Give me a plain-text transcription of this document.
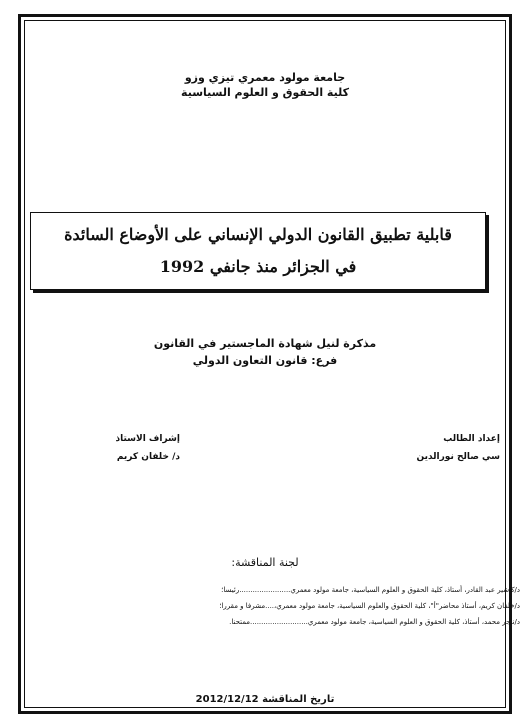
جامعة مولود معمري تيزي وزو
كلية الحقوق و العلوم السياسية
قابلية تطبيق القانون الدولي الإنساني على الأوضاع السائدة
في الجزائر منذ جانفي 1992
مذكرة لنيل شهادة الماجستير في القانون
فرع: قانون التعاون الدولي
إعداد الطالب
سي صالح نورالدين
إشراف الاستاذ
د/ خلفان كريم
لجنة المناقشة:
د/كاشير عبد القادر، أستاذ، كلية الحقوق و العلوم السياسية، جامعة مولود معمري.......................رئيسا؛
د/خلفان كريم، أستاذ محاضر"أ"، كلية الحقوق والعلوم السياسية، جامعة مولود معمري،....مشرفا و مقررا؛
د/ناجر محمد، أستاذ، كلية الحقوق و العلوم السياسية، جامعة مولود معمري..........................ممتحنا.
تاريخ المناقشة 2012/12/12
